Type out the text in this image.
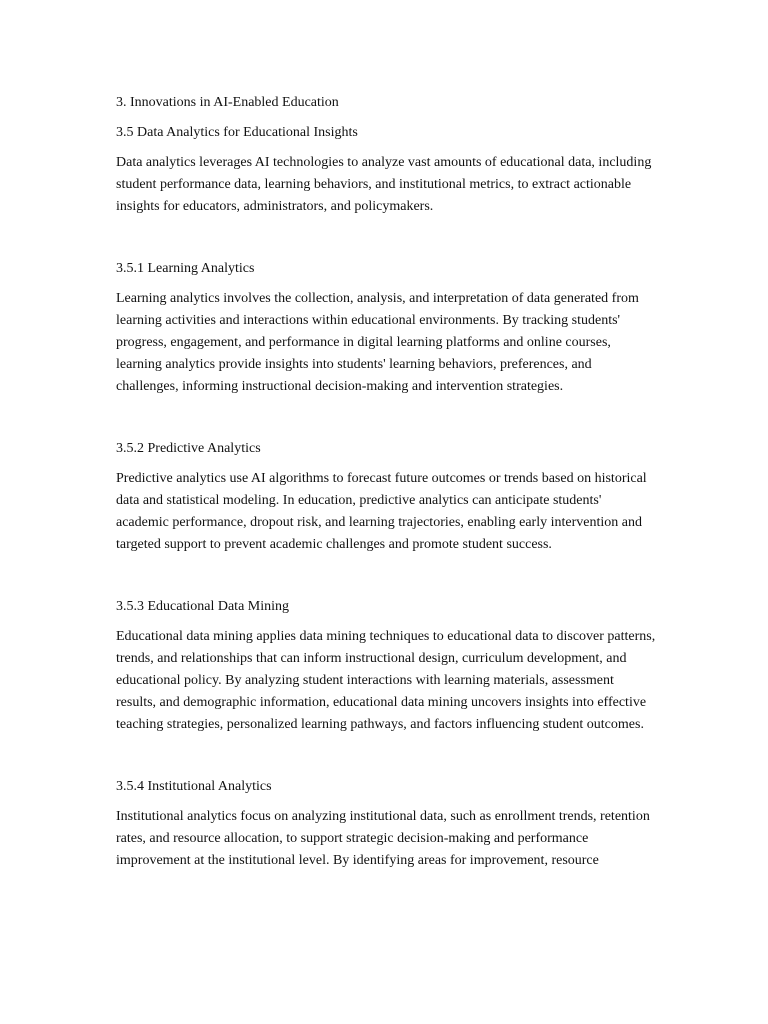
3. Innovations in AI-Enabled Education
3.5 Data Analytics for Educational Insights

Data analytics leverages AI technologies to analyze vast amounts of educational data, including student performance data, learning behaviors, and institutional metrics, to extract actionable insights for educators, administrators, and policymakers.

3.5.1 Learning Analytics

Learning analytics involves the collection, analysis, and interpretation of data generated from learning activities and interactions within educational environments. By tracking students' progress, engagement, and performance in digital learning platforms and online courses, learning analytics provide insights into students' learning behaviors, preferences, and challenges, informing instructional decision-making and intervention strategies.

3.5.2 Predictive Analytics

Predictive analytics use AI algorithms to forecast future outcomes or trends based on historical data and statistical modeling. In education, predictive analytics can anticipate students' academic performance, dropout risk, and learning trajectories, enabling early intervention and targeted support to prevent academic challenges and promote student success.

3.5.3 Educational Data Mining

Educational data mining applies data mining techniques to educational data to discover patterns, trends, and relationships that can inform instructional design, curriculum development, and educational policy. By analyzing student interactions with learning materials, assessment results, and demographic information, educational data mining uncovers insights into effective teaching strategies, personalized learning pathways, and factors influencing student outcomes.

3.5.4 Institutional Analytics

Institutional analytics focus on analyzing institutional data, such as enrollment trends, retention rates, and resource allocation, to support strategic decision-making and performance improvement at the institutional level. By identifying areas for improvement, resource
